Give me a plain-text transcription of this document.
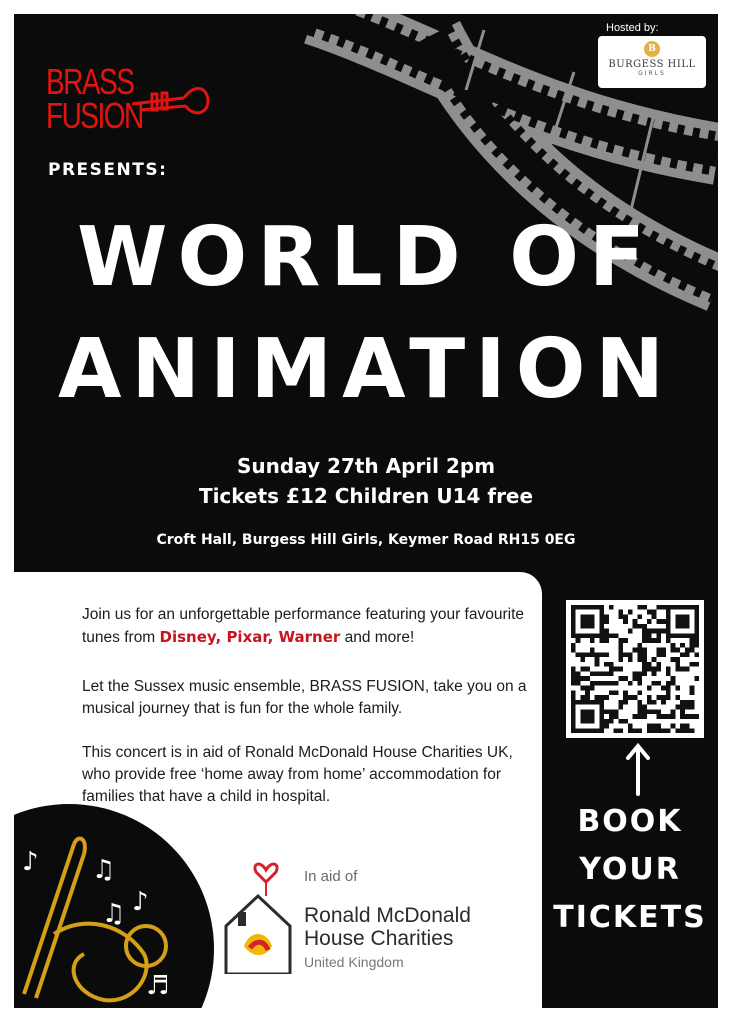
Hosted by:
B
BURGESS HILL
GIRLS
BRASS
FUSION
PRESENTS:
WORLD OF
ANIMATION
Sunday 27th April 2pm
Tickets £12 Children U14 free
Croft Hall, Burgess Hill Girls, Keymer Road RH15 0EG

Join us for an unforgettable performance featuring your favourite tunes from Disney, Pixar, Warner and more!

Let the Sussex music ensemble, BRASS FUSION, take you on a musical journey that is fun for the whole family.

This concert is in aid of Ronald McDonald House Charities UK, who provide free ‘home away from home’ accommodation for families that have a child in hospital.

♪ ♫
♪
♫
♬
In aid of
Ronald McDonald
House Charities
United Kingdom
BOOK
YOUR
TICKETS
